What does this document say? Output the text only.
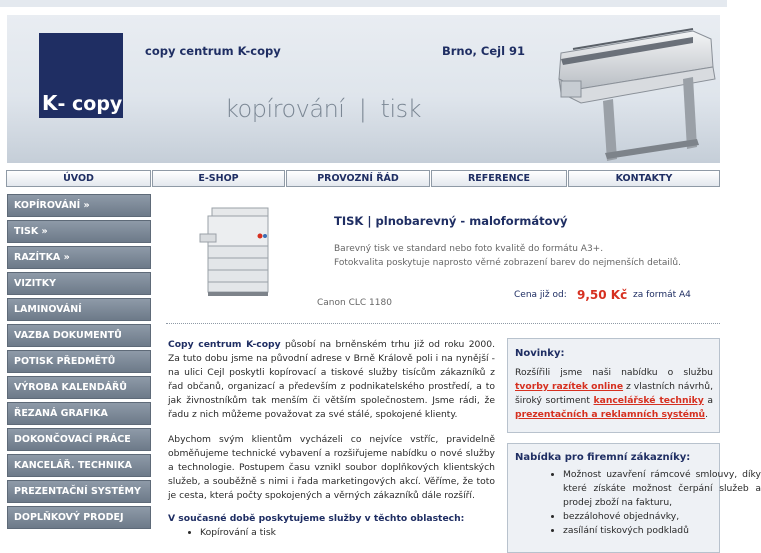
K- copy
copy centrum K-copy	Brno, Cejl 91
kopírování  |  tisk
ÚVOD	E-SHOP	PROVOZNÍ ŘÁD	REFERENCE	KONTAKTY
KOPÍROVÁNÍ »
TISK »
RAZÍTKA »
VIZITKY
LAMINOVÁNÍ
VAZBA DOKUMENTŮ
POTISK PŘEDMĚTŮ
VÝROBA KALENDÁŘŮ
ŘEZANÁ GRAFIKA
DOKONČOVACÍ PRÁCE
KANCELÁŘ. TECHNIKA
PREZENTAČNÍ SYSTÉMY
DOPLŇKOVÝ PRODEJ
TISK | plnobarevný - maloformátový
Barevný tisk ve standard nebo foto kvalitě do formátu A3+.
Fotokvalita poskytuje naprosto věrné zobrazení barev do nejmenších detailů.
Canon CLC 1180
Cena již od: 9,50 Kč za formát A4

Copy centrum K-copy působí na brněnském trhu již od roku 2000. Za tuto dobu jsme na původní adrese v Brně Králově poli i na nynější - na ulici Cejl poskytli kopírovací a tiskové služby tisícům zákazníků z řad občanů, organizací a především z podnikatelského prostředí, a to jak živnostníkům tak menším či větším společnostem. Jsme rádi, že řadu z nich můžeme považovat za své stálé, spokojené klienty.

Abychom svým klientům vycházeli co nejvíce vstříc, pravidelně obměňujeme technické vybavení a rozšiřujeme nabídku o nové služby a technologie. Postupem času vznikl soubor doplňkových klientských služeb, a souběžně s nimi i řada marketingových akcí. Věříme, že toto je cesta, která počty spokojených a věrných zákazníků dále rozšíří.

V současné době poskytujeme služby v těchto oblastech:
• Kopírování a tisk
Novinky:
Rozšířili jsme naši nabídku o službu tvorby razítek online z vlastních návrhů, široký sortiment kancelářské techniky a prezentačních a reklamních systémů.
Nabídka pro firemní zákazníky:
• Možnost uzavření rámcové smlouvy, díky které získáte možnost čerpání služeb a prodej zboží na fakturu,
• bezzálohové objednávky,
• zasílání tiskových podkladů
